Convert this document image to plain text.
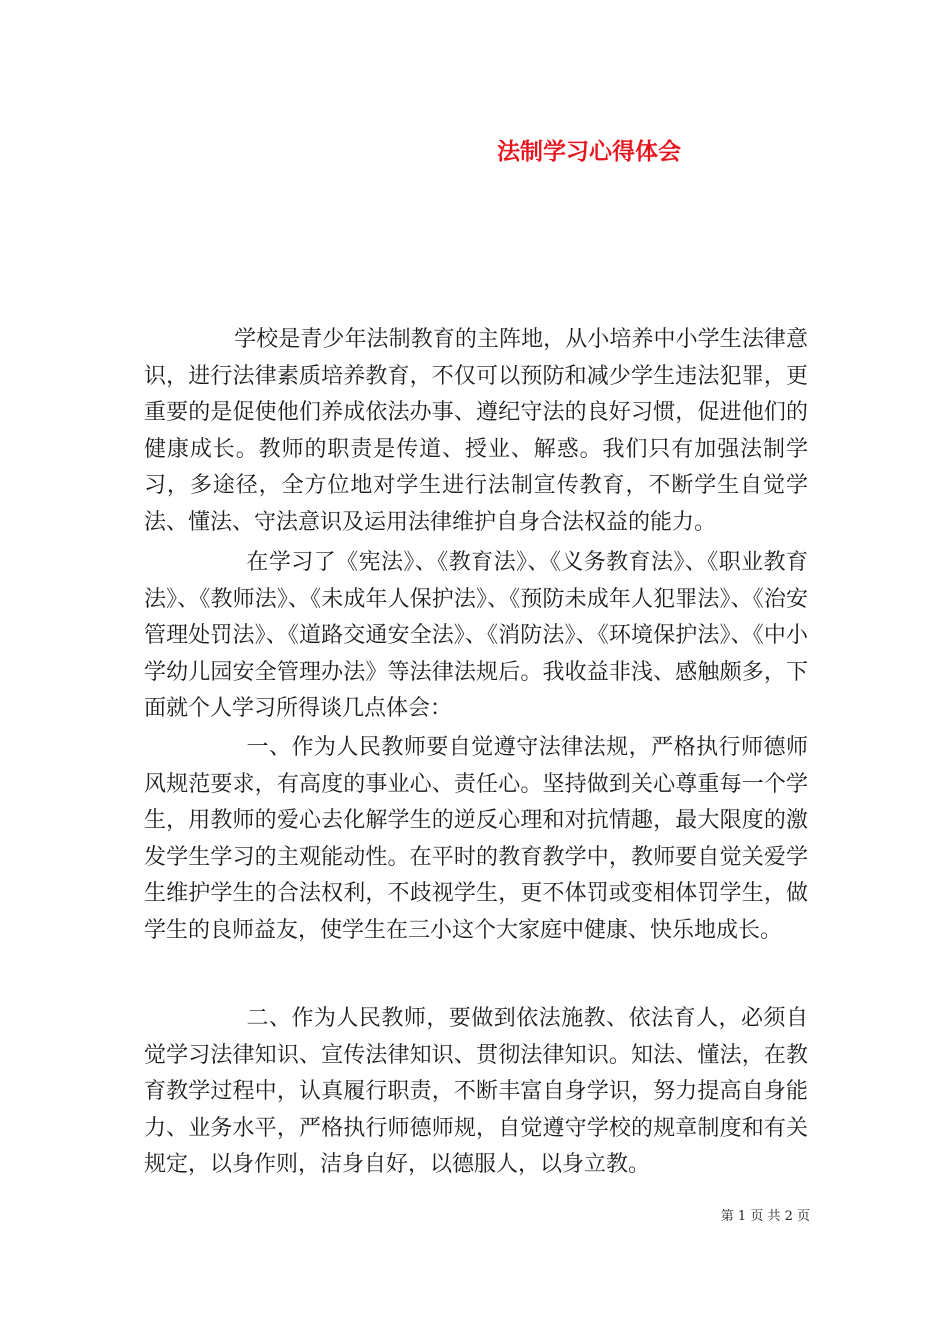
法制学习心得体会

学校是青少年法制教育的主阵地，从小培养中小学生法律意识，进行法律素质培养教育，不仅可以预防和减少学生违法犯罪，更重要的是促使他们养成依法办事、遵纪守法的良好习惯，促进他们的健康成长。教师的职责是传道、授业、解惑。我们只有加强法制学习，多途径，全方位地对学生进行法制宣传教育，不断学生自觉学法、懂法、守法意识及运用法律维护自身合法权益的能力。

在学习了《宪法》、《教育法》、《义务教育法》、《职业教育法》、《教师法》、《未成年人保护法》、《预防未成年人犯罪法》、《治安管理处罚法》、《道路交通安全法》、《消防法》、《环境保护法》、《中小学幼儿园安全管理办法》等法律法规后。我收益非浅、感触颇多，下面就个人学习所得谈几点体会：

一、作为人民教师要自觉遵守法律法规，严格执行师德师风规范要求，有高度的事业心、责任心。坚持做到关心尊重每一个学生，用教师的爱心去化解学生的逆反心理和对抗情趣，最大限度的激发学生学习的主观能动性。在平时的教育教学中，教师要自觉关爱学生维护学生的合法权利，不歧视学生，更不体罚或变相体罚学生，做学生的良师益友，使学生在三小这个大家庭中健康、快乐地成长。

二、作为人民教师，要做到依法施教、依法育人，必须自觉学习法律知识、宣传法律知识、贯彻法律知识。知法、懂法，在教育教学过程中，认真履行职责，不断丰富自身学识，努力提高自身能力、业务水平，严格执行师德师规，自觉遵守学校的规章制度和有关规定，以身作则，洁身自好，以德服人，以身立教。

第 1 页 共 2 页
